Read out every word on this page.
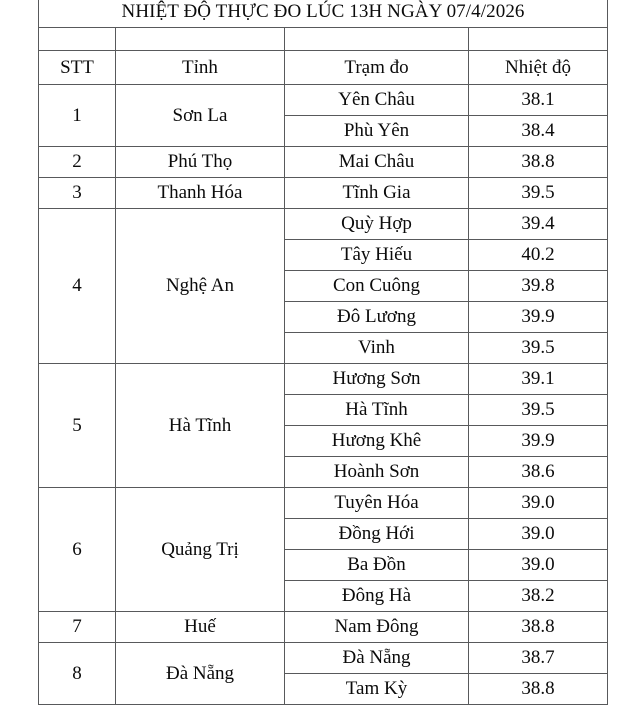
NHIỆT ĐỘ THỰC ĐO LÚC 13H NGÀY 07/4/2026			

STT	Tỉnh	Trạm đo	Nhiệt độ
1	Sơn La	Yên Châu	38.1
		Phù Yên	38.4
2	Phú Thọ	Mai Châu	38.8
3	Thanh Hóa	Tĩnh Gia	39.5
4	Nghệ An	Quỳ Hợp	39.4
		Tây Hiếu	40.2
		Con Cuông	39.8
		Đô Lương	39.9
		Vinh	39.5
5	Hà Tĩnh	Hương Sơn	39.1
		Hà Tĩnh	39.5
		Hương Khê	39.9
		Hoành Sơn	38.6
6	Quảng Trị	Tuyên Hóa	39.0
		Đồng Hới	39.0
		Ba Đồn	39.0
		Đông Hà	38.2
7	Huế	Nam Đông	38.8
8	Đà Nẵng	Đà Nẵng	38.7
		Tam Kỳ	38.8
